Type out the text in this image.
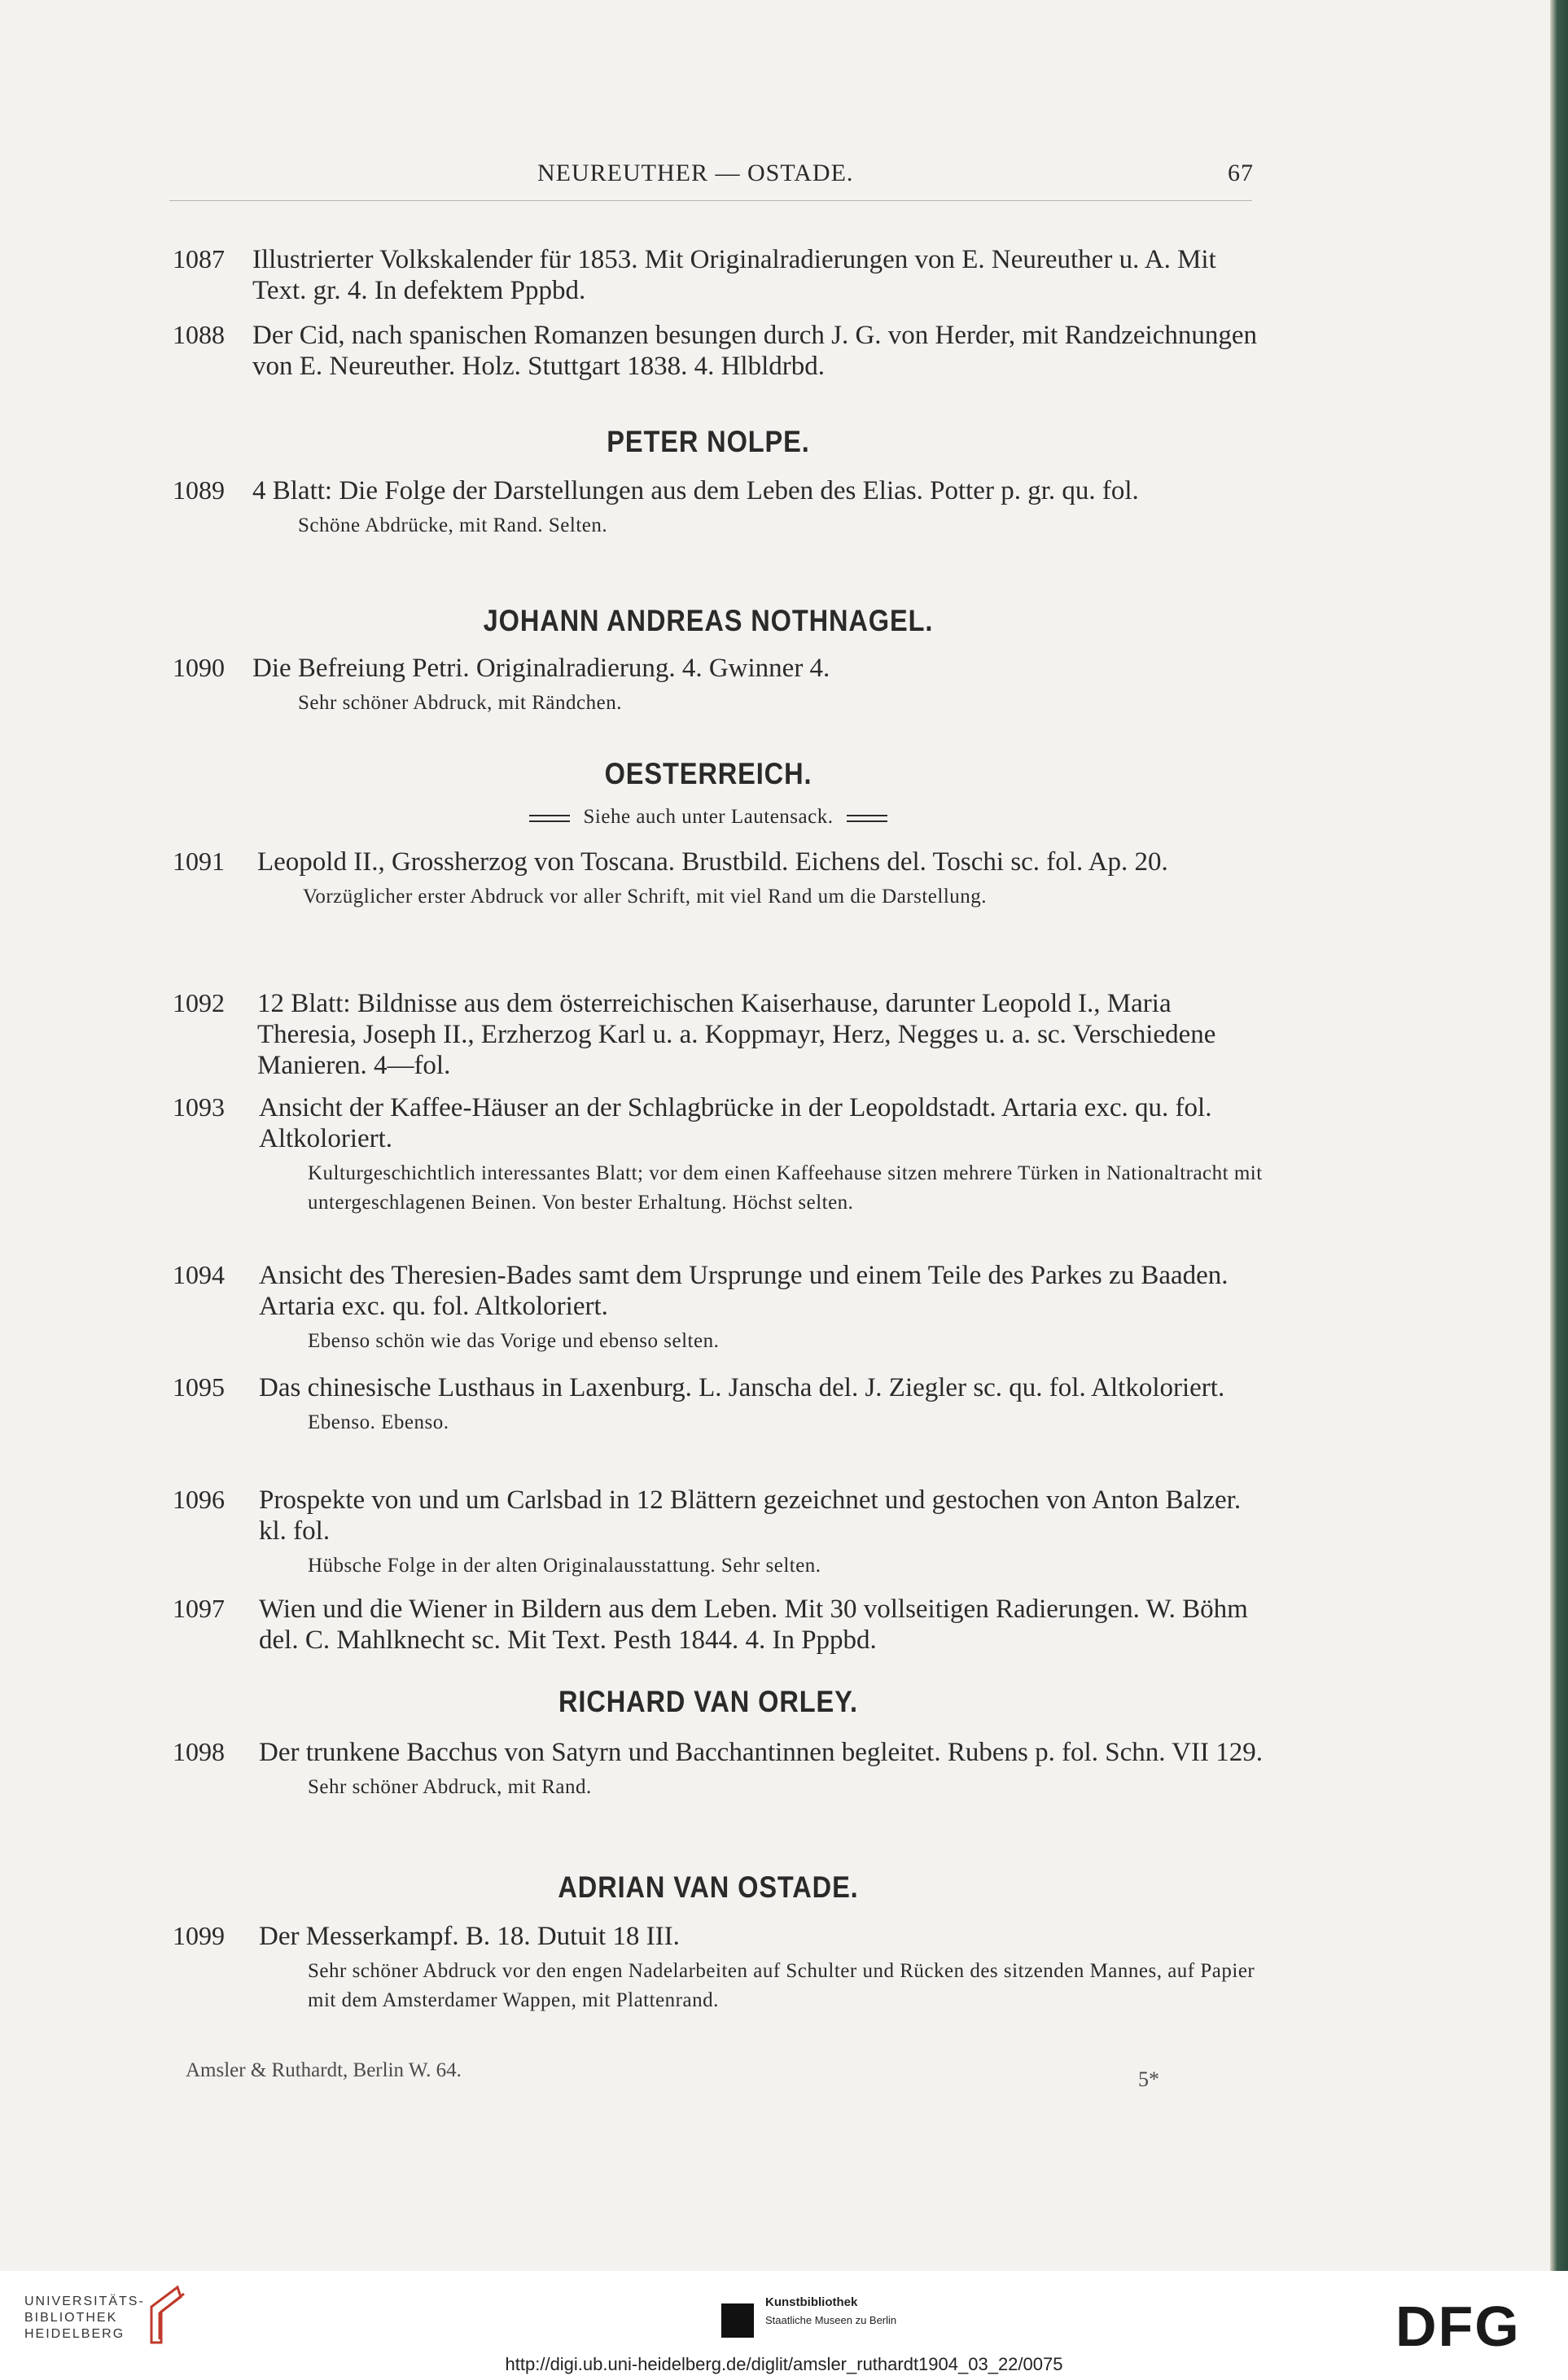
NEUREUTHER — OSTADE.	67
1087 Illustrierter Volkskalender für 1853. Mit Originalradierungen von E. Neureuther u. A. Mit Text. gr. 4. In defektem Pppbd.

1088 Der Cid, nach spanischen Romanzen besungen durch J. G. von Herder, mit Randzeichnungen von E. Neureuther. Holz. Stuttgart 1838. 4. Hlbldrbd.

PETER NOLPE.
1089 4 Blatt: Die Folge der Darstellungen aus dem Leben des Elias. Potter p. gr. qu. fol.

Schöne Abdrücke, mit Rand. Selten.

JOHANN ANDREAS NOTHNAGEL.
1090 Die Befreiung Petri. Originalradierung. 4. Gwinner 4.

Sehr schöner Abdruck, mit Rändchen.

OESTERREICH.
Siehe auch unter Lautensack.
1091 Leopold II., Grossherzog von Toscana. Brustbild. Eichens del. Toschi sc. fol. Ap. 20.

Vorzüglicher erster Abdruck vor aller Schrift, mit viel Rand um die Darstellung.

1092 12 Blatt: Bildnisse aus dem österreichischen Kaiserhause, darunter Leopold I., Maria Theresia, Joseph II., Erzherzog Karl u. a. Koppmayr, Herz, Negges u. a. sc. Verschiedene Manieren. 4—fol.

1093 Ansicht der Kaffee-Häuser an der Schlagbrücke in der Leopoldstadt. Artaria exc. qu. fol. Altkoloriert.

Kulturgeschichtlich interessantes Blatt; vor dem einen Kaffeehause sitzen mehrere Türken in Nationaltracht mit untergeschlagenen Beinen. Von bester Erhaltung. Höchst selten.

1094 Ansicht des Theresien-Bades samt dem Ursprunge und einem Teile des Parkes zu Baaden. Artaria exc. qu. fol. Altkoloriert.

Ebenso schön wie das Vorige und ebenso selten.

1095 Das chinesische Lusthaus in Laxenburg. L. Janscha del. J. Ziegler sc. qu. fol. Altkoloriert.

Ebenso. Ebenso.

1096 Prospekte von und um Carlsbad in 12 Blättern gezeichnet und gestochen von Anton Balzer. kl. fol.

Hübsche Folge in der alten Originalausstattung. Sehr selten.

1097 Wien und die Wiener in Bildern aus dem Leben. Mit 30 vollseitigen Radierungen. W. Böhm del. C. Mahlknecht sc. Mit Text. Pesth 1844. 4. In Pppbd.

RICHARD VAN ORLEY.
1098 Der trunkene Bacchus von Satyrn und Bacchantinnen begleitet. Rubens p. fol. Schn. VII 129.

Sehr schöner Abdruck, mit Rand.

ADRIAN VAN OSTADE.
1099 Der Messerkampf. B. 18. Dutuit 18 III.

Sehr schöner Abdruck vor den engen Nadelarbeiten auf Schulter und Rücken des sitzenden Mannes, auf Papier mit dem Amsterdamer Wappen, mit Plattenrand.

Amsler & Ruthardt, Berlin W. 64.	5*
UNIVERSITÄTS-
BIBLIOTHEK
HEIDELBERG
Kunstbibliothek
Staatliche Museen zu Berlin	DFG
http://digi.ub.uni-heidelberg.de/diglit/amsler_ruthardt1904_03_22/0075
